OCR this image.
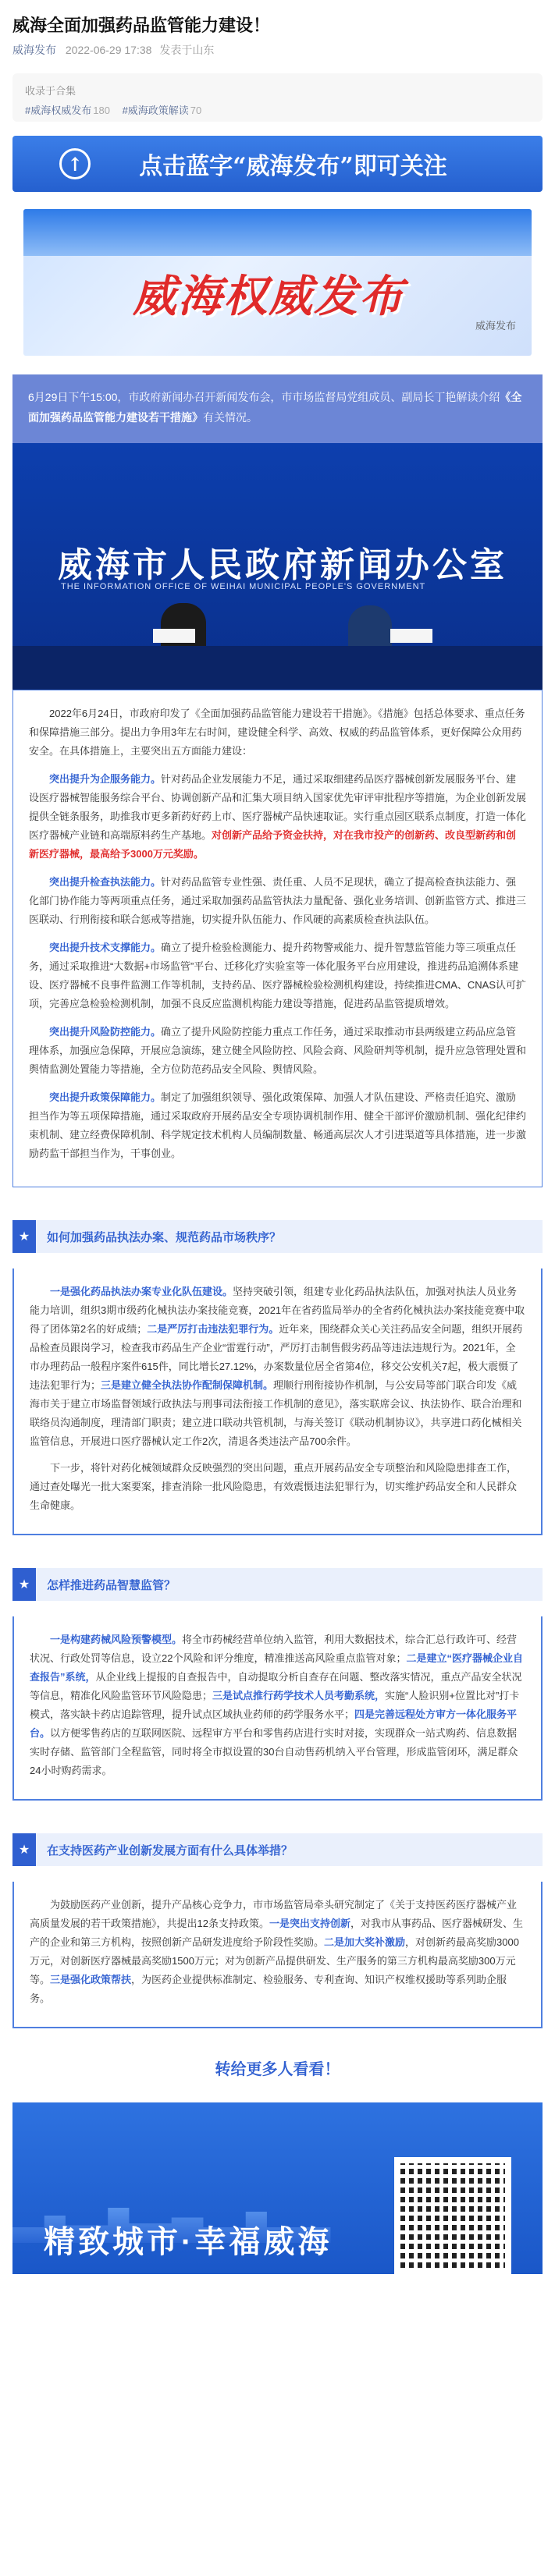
威海全面加强药品监管能力建设！
威海发布 2022-06-29 17:38 发表于山东
收录于合集
#威海权威发布 180 #威海政策解读 70
↑	点击蓝字“威海发布”即可关注
威海权威发布
威海发布
6月29日下午15:00，市政府新闻办召开新闻发布会，市市场监督局党组成员、副局长丁艳解读介绍《全面加强药品监管能力建设若干措施》有关情况。
威海市人民政府新闻办公室
THE INFORMATION OFFICE OF WEIHAI MUNICIPAL PEOPLE'S GOVERNMENT

2022年6月24日，市政府印发了《全面加强药品监管能力建设若干措施》。《措施》包括总体要求、重点任务和保障措施三部分。提出力争用3年左右时间，建设健全科学、高效、权威的药品监管体系，更好保障公众用药安全。在具体措施上，主要突出五方面能力建设：

突出提升为企服务能力。针对药品企业发展能力不足，通过采取细建药品医疗器械创新发展服务平台、建设医疗器械智能服务综合平台、协调创新产品和汇集大项目纳入国家优先审评审批程序等措施，为企业创新发展提供全链条服务，助推我市更多新药好药上市、医疗器械产品快速取证。实行重点园区联系点制度，打造一体化医疗器械产业链和高端原料药生产基地。对创新产品给予资金扶持，对在我市投产的创新药、改良型新药和创新医疗器械，最高给予3000万元奖励。

突出提升检查执法能力。针对药品监管专业性强、责任重、人员不足现状，确立了提高检查执法能力、强化部门协作能力等两项重点任务，通过采取加强药品监管执法力量配备、强化业务培训、创新监管方式、推进三医联动、行刑衔接和联合惩戒等措施，切实提升队伍能力、作风硬的高素质检查执法队伍。

突出提升技术支撑能力。确立了提升检验检测能力、提升药物警戒能力、提升智慧监管能力等三项重点任务，通过采取推进“大数据+市场监管”平台、迁移化疗实验室等一体化服务平台应用建设，推进药品追溯体系建设、医疗器械不良事件监测工作等机制，支持药品、医疗器械检验检测机构建设，持续推进CMA、CNAS认可扩项，完善应急检验检测机制，加强不良反应监测机构能力建设等措施，促进药品监管提质增效。

突出提升风险防控能力。确立了提升风险防控能力重点工作任务，通过采取推动市县两级建立药品应急管理体系，加强应急保障，开展应急演练，建立健全风险防控、风险会商、风险研判等机制，提升应急管理处置和舆情监测处置能力等措施，全方位防范药品安全风险、舆情风险。

突出提升政策保障能力。制定了加强组织领导、强化政策保障、加强人才队伍建设、严格责任追究、激励担当作为等五项保障措施，通过采取政府开展药品安全专项协调机制作用、健全干部评价激励机制、强化纪律约束机制、建立经费保障机制、科学规定技术机构人员编制数量、畅通高层次人才引进渠道等具体措施，进一步激励药监干部担当作为，干事创业。

★	如何加强药品执法办案、规范药品市场秩序？

一是强化药品执法办案专业化队伍建设。坚持突破引领，组建专业化药品执法队伍，加强对执法人员业务能力培训，组织3期市级药化械执法办案技能竞赛，2021年在省药监局举办的全省药化械执法办案技能竞赛中取得了团体第2名的好成绩；二是严厉打击违法犯罪行为。近年来，围绕群众关心关注药品安全问题，组织开展药品检查员跟岗学习，检查我市药品生产企业“雷霆行动”，严厉打击制售假劣药品等违法违规行为。2021年，全市办理药品一般程序案件615件，同比增长27.12%，办案数量位居全省第4位，移交公安机关7起，极大震慑了违法犯罪行为；三是建立健全执法协作配制保障机制。理顺行刑衔接协作机制，与公安局等部门联合印发《威海市关于建立市场监督领域行政执法与刑事司法衔接工作机制的意见》，落实联席会议、执法协作、联合治理和联络员沟通制度，理清部门职责；建立进口联动共管机制，与海关签订《联动机制协议》，共享进口药化械相关监管信息，开展进口医疗器械认定工作2次，清退各类违法产品700余件。

下一步，将针对药化械领域群众反映强烈的突出问题，重点开展药品安全专项整治和风险隐患排查工作，通过查处曝光一批大案要案，排查消除一批风险隐患，有效震慑违法犯罪行为，切实维护药品安全和人民群众生命健康。

★	怎样推进药品智慧监管？

一是构建药械风险预警模型。将全市药械经营单位纳入监管，利用大数据技术，综合汇总行政许可、经营状况、行政处罚等信息，设立22个风险和评分维度，精准推送高风险重点监管对象；二是建立“医疗器械企业自查报告”系统，从企业线上提报的自查报告中，自动提取分析自查存在问题、整改落实情况，重点产品安全状况等信息，精准化风险监管环节风险隐患；三是试点推行药学技术人员考勤系统，实施“人脸识别+位置比对”打卡模式，落实缺卡药店追踪管理，提升试点区域执业药师的药学服务水平；四是完善远程处方审方一体化服务平台。以方便零售药店的互联网医院、远程审方平台和零售药店进行实时对接，实现群众一站式购药、信息数据实时存储、监管部门全程监管，同时将全市拟设置的30台自动售药机纳入平台管理，形成监管闭环，满足群众24小时购药需求。

★	在支持医药产业创新发展方面有什么具体举措？

为鼓励医药产业创新，提升产品核心竞争力，市市场监管局牵头研究制定了《关于支持医药医疗器械产业高质量发展的若干政策措施》，共提出12条支持政策。一是突出支持创新，对我市从事药品、医疗器械研发、生产的企业和第三方机构，按照创新产品研发进度给予阶段性奖励。二是加大奖补激励，对创新药最高奖励3000万元，对创新医疗器械最高奖励1500万元；对为创新产品提供研发、生产服务的第三方机构最高奖励300万元等。三是强化政策帮扶，为医药企业提供标准制定、检验服务、专利查询、知识产权维权援助等系列助企服务。

转给更多人看看！
精致城市·幸福威海
